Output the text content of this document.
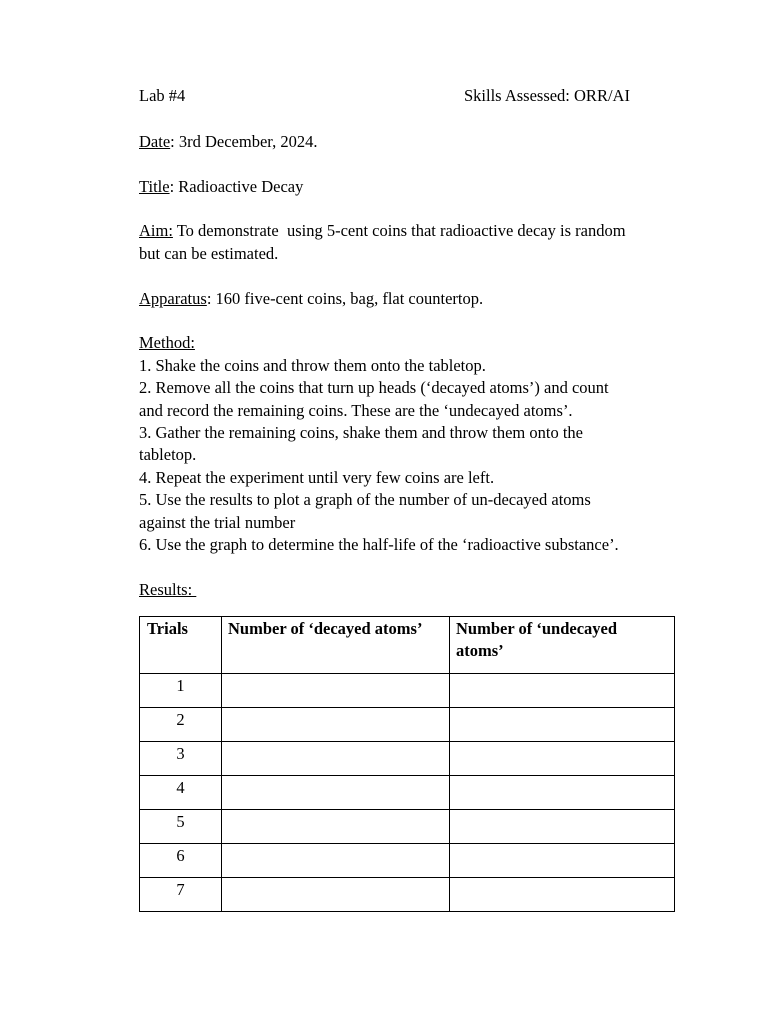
Lab #4	Skills Assessed: ORR/AI
Date: 3rd December, 2024.
Title: Radioactive Decay
Aim: To demonstrate  using 5-cent coins that radioactive decay is random
but can be estimated.
Apparatus: 160 five-cent coins, bag, flat countertop.
Method:
1. Shake the coins and throw them onto the tabletop.
2. Remove all the coins that turn up heads (‘decayed atoms’) and count
and record the remaining coins. These are the ‘undecayed atoms’.
3. Gather the remaining coins, shake them and throw them onto the
tabletop.
4. Repeat the experiment until very few coins are left.
5. Use the results to plot a graph of the number of un-decayed atoms
against the trial number
6. Use the graph to determine the half-life of the ‘radioactive substance’.
Results:
Trials	Number of ‘decayed atoms’	Number of ‘undecayed atoms’
1		
2		
3		
4		
5		
6		
7		
